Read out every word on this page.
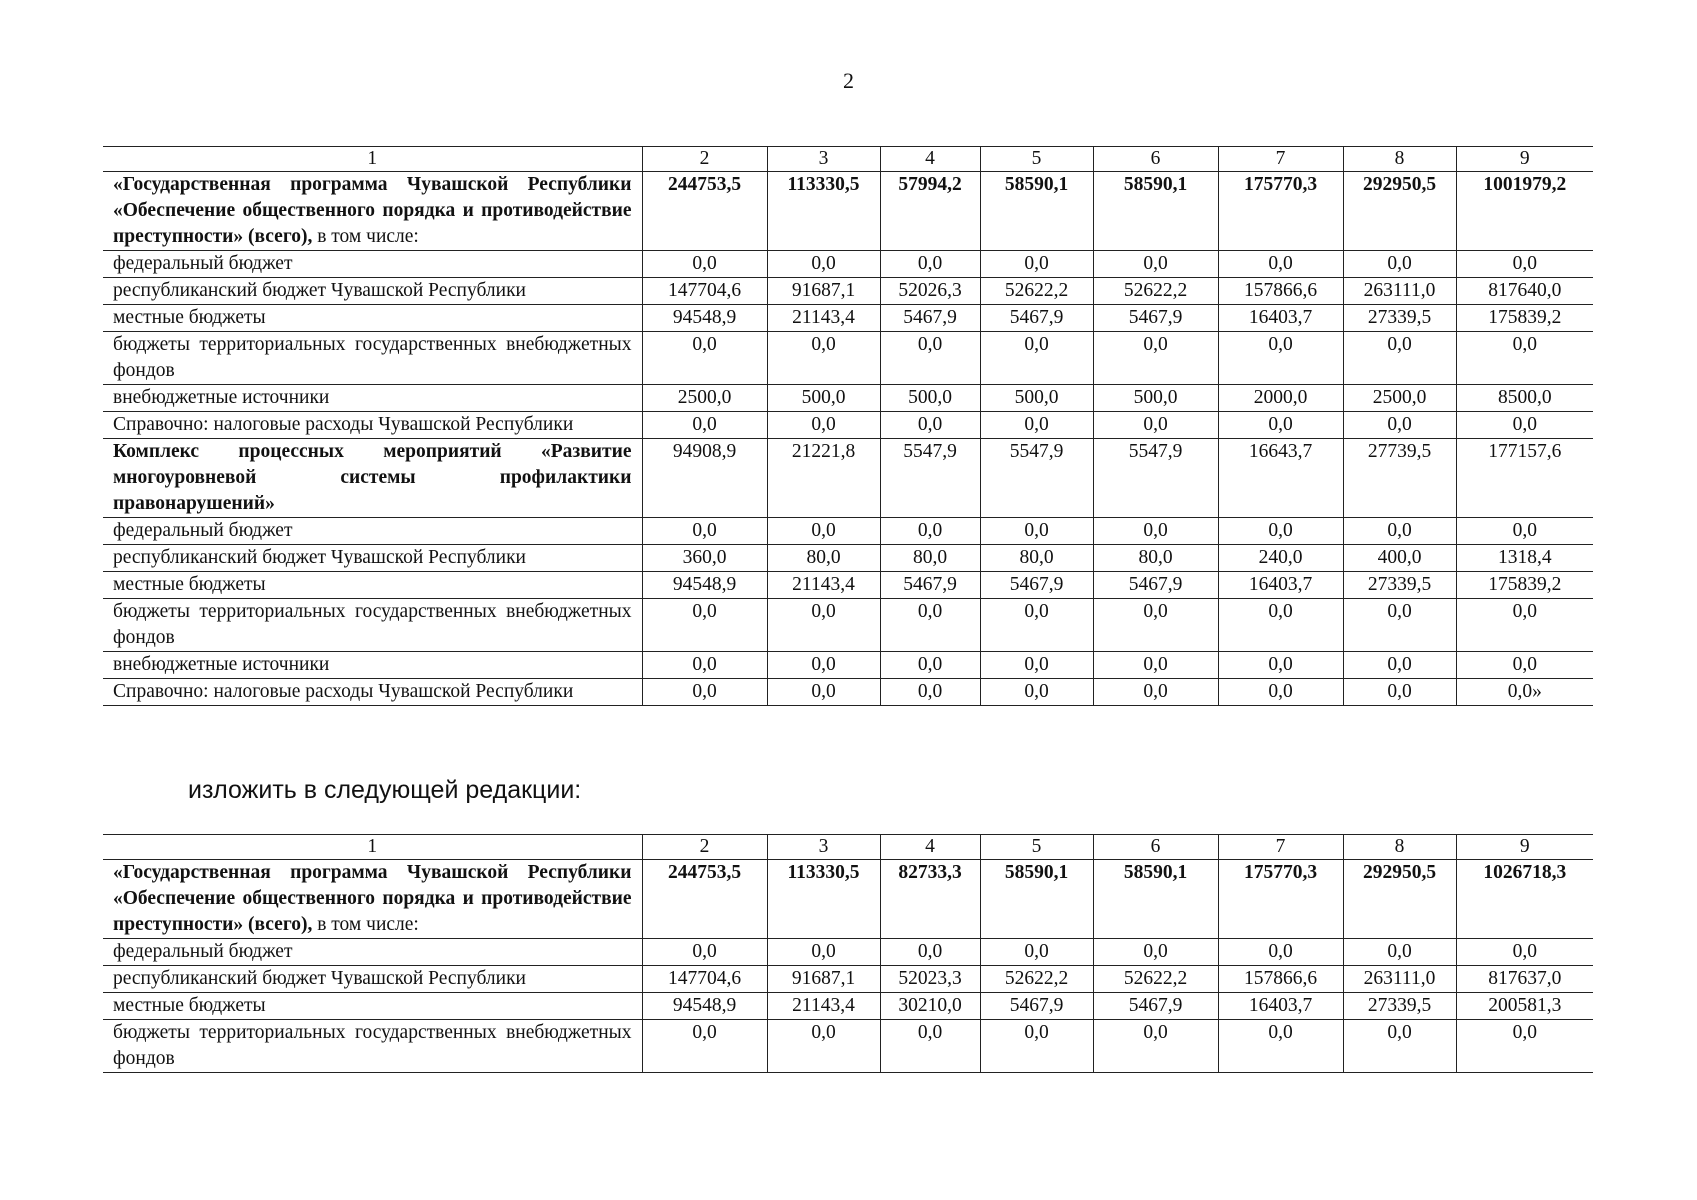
2
1	2	3	4	5	6	7	8	9
«Государственная программа Чувашской Республики «Обеспечение общественного порядка и противодействие преступности» (всего), в том числе:	244753,5	113330,5	57994,2	58590,1	58590,1	175770,3	292950,5	1001979,2
федеральный бюджет	0,0	0,0	0,0	0,0	0,0	0,0	0,0	0,0
республиканский бюджет Чувашской Республики	147704,6	91687,1	52026,3	52622,2	52622,2	157866,6	263111,0	817640,0
местные бюджеты	94548,9	21143,4	5467,9	5467,9	5467,9	16403,7	27339,5	175839,2
бюджеты территориальных государственных внебюджетных фондов	0,0	0,0	0,0	0,0	0,0	0,0	0,0	0,0
внебюджетные источники	2500,0	500,0	500,0	500,0	500,0	2000,0	2500,0	8500,0
Справочно: налоговые расходы Чувашской Республики	0,0	0,0	0,0	0,0	0,0	0,0	0,0	0,0
Комплекс процессных мероприятий «Развитие многоуровневой системы профилактики правонарушений»	94908,9	21221,8	5547,9	5547,9	5547,9	16643,7	27739,5	177157,6
федеральный бюджет	0,0	0,0	0,0	0,0	0,0	0,0	0,0	0,0
республиканский бюджет Чувашской Республики	360,0	80,0	80,0	80,0	80,0	240,0	400,0	1318,4
местные бюджеты	94548,9	21143,4	5467,9	5467,9	5467,9	16403,7	27339,5	175839,2
бюджеты территориальных государственных внебюджетных фондов	0,0	0,0	0,0	0,0	0,0	0,0	0,0	0,0
внебюджетные источники	0,0	0,0	0,0	0,0	0,0	0,0	0,0	0,0
Справочно: налоговые расходы Чувашской Республики	0,0	0,0	0,0	0,0	0,0	0,0	0,0	0,0»
изложить в следующей редакции:
1	2	3	4	5	6	7	8	9
«Государственная программа Чувашской Республики «Обеспечение общественного порядка и противодействие преступности» (всего), в том числе:	244753,5	113330,5	82733,3	58590,1	58590,1	175770,3	292950,5	1026718,3
федеральный бюджет	0,0	0,0	0,0	0,0	0,0	0,0	0,0	0,0
республиканский бюджет Чувашской Республики	147704,6	91687,1	52023,3	52622,2	52622,2	157866,6	263111,0	817637,0
местные бюджеты	94548,9	21143,4	30210,0	5467,9	5467,9	16403,7	27339,5	200581,3
бюджеты территориальных государственных внебюджетных фондов	0,0	0,0	0,0	0,0	0,0	0,0	0,0	0,0
